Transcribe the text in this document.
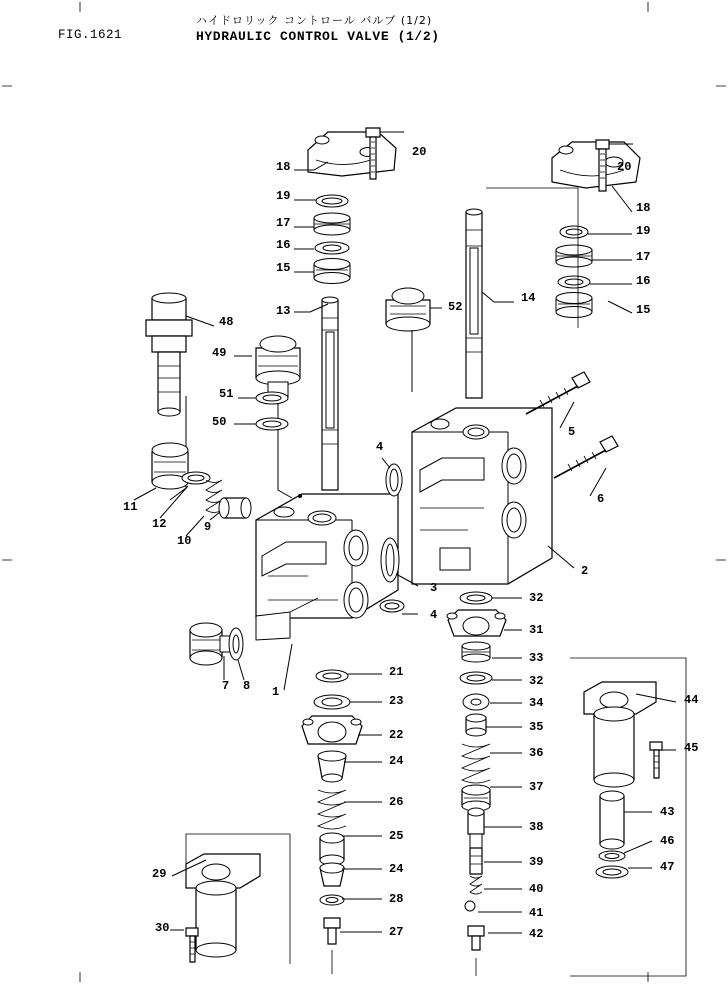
FIG.1621
ハイドロリック コントロール バルブ (1/2)
HYDRAULIC CONTROL VALVE (1/2)
20
18
19
17
16
15
20
18
19
17
16
15
13	52
14
48
49
51
50
5
4
6
11
12
10
9
2
3
4
32
31
33
32
34
35
36
37
38
39
40
41
42
7 8 1
21
23
22
24
26
25
24
28
27
44
45
43
46
47
29
30
